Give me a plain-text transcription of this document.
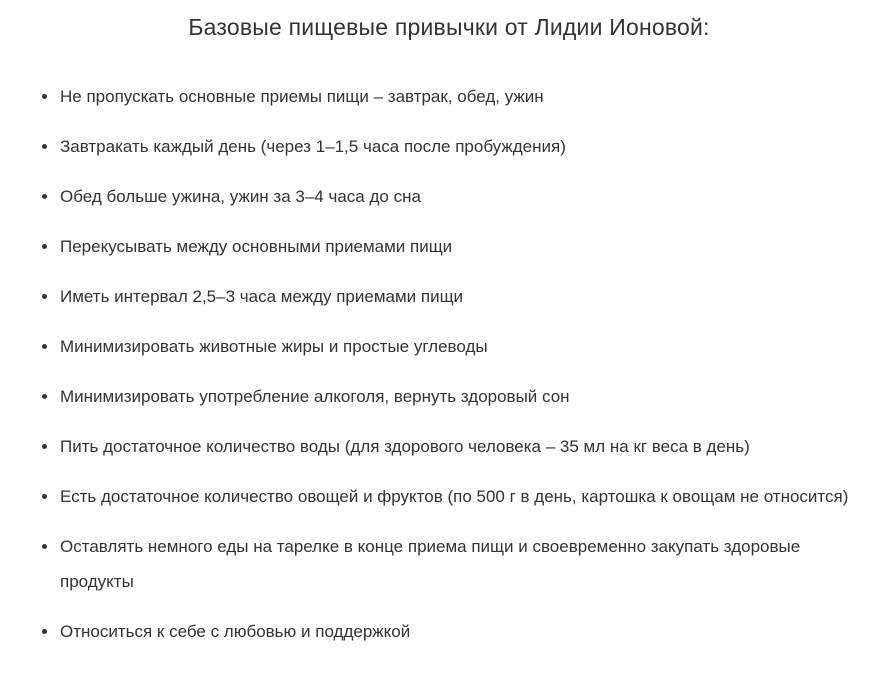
Базовые пищевые привычки от Лидии Ионовой:
Не пропускать основные приемы пищи – завтрак, обед, ужин
Завтракать каждый день (через 1–1,5 часа после пробуждения)
Обед больше ужина, ужин за 3–4 часа до сна
Перекусывать между основными приемами пищи
Иметь интервал 2,5–3 часа между приемами пищи
Минимизировать животные жиры и простые углеводы
Минимизировать употребление алкоголя, вернуть здоровый сон
Пить достаточное количество воды (для здорового человека – 35 мл на кг веса в день)
Есть достаточное количество овощей и фруктов (по 500 г в день, картошка к овощам не относится)
Оставлять немного еды на тарелке в конце приема пищи и своевременно закупать здоровые продукты
Относиться к себе с любовью и поддержкой
